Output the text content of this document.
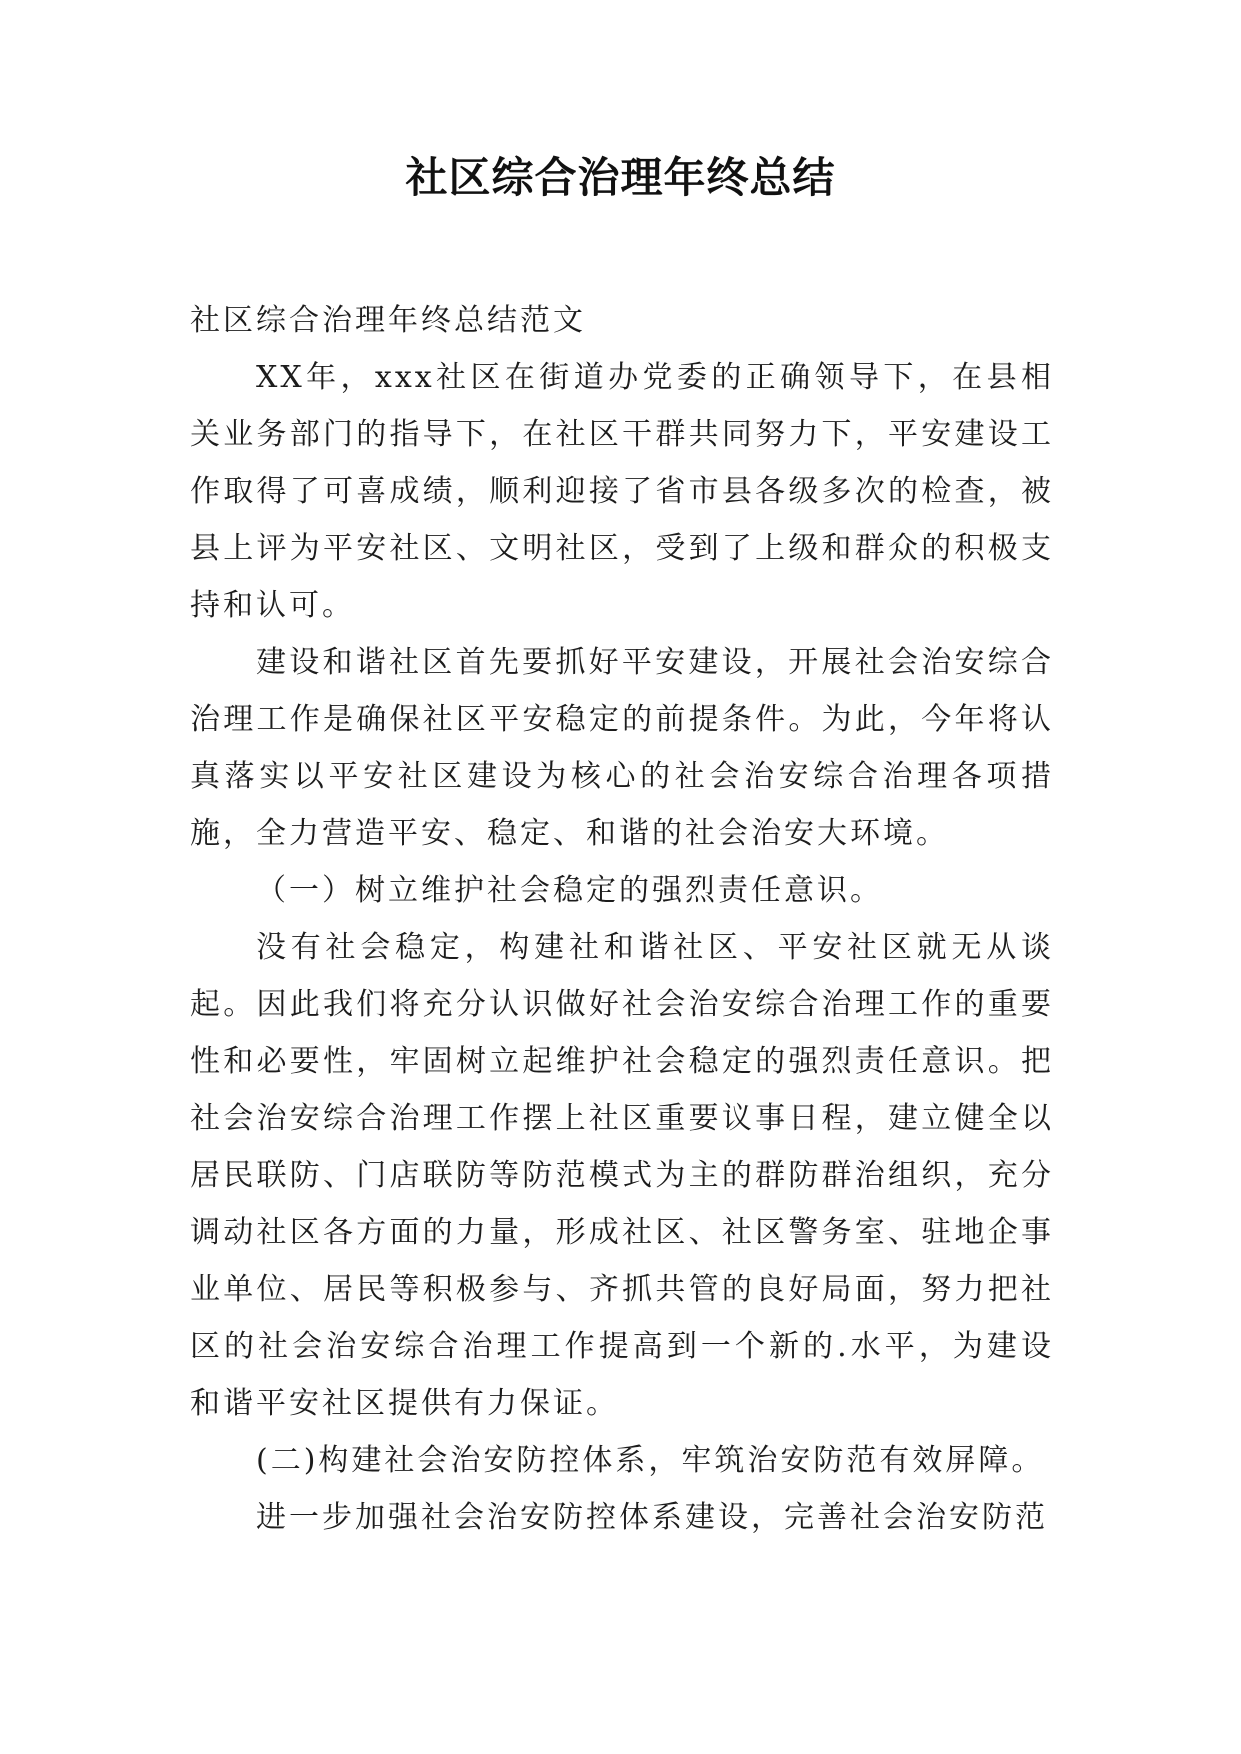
社区综合治理年终总结

社区综合治理年终总结范文

XX年，xxx社区在街道办党委的正确领导下，在县相关业务部门的指导下，在社区干群共同努力下，平安建设工作取得了可喜成绩，顺利迎接了省市县各级多次的检查，被县上评为平安社区、文明社区，受到了上级和群众的积极支持和认可。

建设和谐社区首先要抓好平安建设，开展社会治安综合治理工作是确保社区平安稳定的前提条件。为此，今年将认真落实以平安社区建设为核心的社会治安综合治理各项措施，全力营造平安、稳定、和谐的社会治安大环境。

（一）树立维护社会稳定的强烈责任意识。

没有社会稳定，构建社和谐社区、平安社区就无从谈起。因此我们将充分认识做好社会治安综合治理工作的重要性和必要性，牢固树立起维护社会稳定的强烈责任意识。把社会治安综合治理工作摆上社区重要议事日程，建立健全以居民联防、门店联防等防范模式为主的群防群治组织，充分调动社区各方面的力量，形成社区、社区警务室、驻地企事业单位、居民等积极参与、齐抓共管的良好局面，努力把社区的社会治安综合治理工作提高到一个新的.水平，为建设和谐平安社区提供有力保证。

(二)构建社会治安防控体系，牢筑治安防范有效屏障。

进一步加强社会治安防控体系建设，完善社会治安防范
